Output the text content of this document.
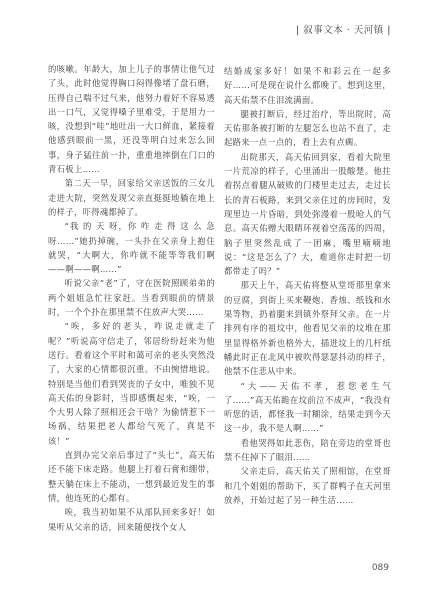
| 叙事文本 · 天河镇 |

的咳嗽。年龄大，加上儿子的事情让他气过了头，此时他觉得胸口闷得像堵了盘石磨，压得自己喘不过气来，他努力着好不容易透出一口气，又觉得嗓子里难受，于是用力一咳，没想到“哇”地吐出一大口鲜血，紧接着他感到眼前一黑，还没等明白过来怎么回事，身子猛往前一扑，重重地摔倒在门口的青石板上……

第二天一早，回家给父亲送饭的三女儿走进大院，突然发现父亲直挺挺地躺在地上的样子，吓得魂都掉了。

“我 的 天 呀，你 咋 走 得 这 么 急 呀……”她扔掉碗，一头扑在父亲身上抱住就哭，“大啊大，你咋就不能等等我们啊——啊——啊……”

听说父亲“老”了，守在医院照顾弟弟的两个姐姐急忙往家赶。当看到眼前的情景时，一个个扑在那里禁不住放声大哭……

“唉，多好的老头，咋说走就走了呢？”听说高守信走了，邻居纷纷赶来为他送行。看着这个平时和蔼可亲的老头突然没了，大家的心情都很沉重。不由惋惜地说。特别是当他们看到哭丧的子女中，唯独不见高天佑的身影时，当即感慨起来，“唉，一个大男人除了照相还会干啥？为偷情惹下一场祸，结果把老人都给气死了，真是不该！”

直到办完父亲后事过了“头七”，高天佑还不能下床走路。他腿上打着石膏和绷带，整天躺在床上不能动，一想到最近发生的事情，他连死的心都有。

唉，我当初如果不从部队回来多好！如果听从父亲的话，回来随便找个女人

结婚成家多好！如果不和彩云在一起多好……可是现在说什么都晚了。想到这里，高天佑禁不住泪流满面。

腿被打断后，经过治疗，等出院时，高天佑那条被打断的左腿怎么也站不直了，走起路来一点一点的，看上去有点瘸。

出院那天，高天佑回到家，看着大院里一片荒凉的样子，心里涌出一股酸楚。他拄着拐点着腿从破败的门楼里走过去，走过长长的青石板路，来到父亲住过的房间时，发现里边一片昏暗，到处弥漫着一股呛人的气息。高天佑赠大眼睛环视着空荡荡的四周，脑子里突然乱成了一团麻，嘴里喃喃地说：“这是怎么了？大，难道你走时把一切都带走了吗？”

那天上午，高天佑将整从堂哥那里拿来的豆腐，到街上买来鞭炮、香烛、纸钱和水果等物，扔着腿来到镇外祭拜父亲。在一片排列有序的祖坟中，他看见父亲的坟堆在那里显得格外新也格外大，插进坟上的几杆纸幡此时正在北风中被吹得瑟瑟抖动的样子，他禁不住悲从中来。

“大——天佑不孝，惹您老生气了……”高天佑跪在坟前泣不成声，“我没有听您的话，都怪我一时糊涂，结果走到今天这一步，我不是人啊……”

看他哭得如此悲伤，陪在旁边的堂哥也禁不住掉下了眼泪……

父亲走后，高天佑关了照相馆，在堂哥和几个姐姐的帮助下，买了群鸭子在天河里放养，开始过起了另一种生活……

089
